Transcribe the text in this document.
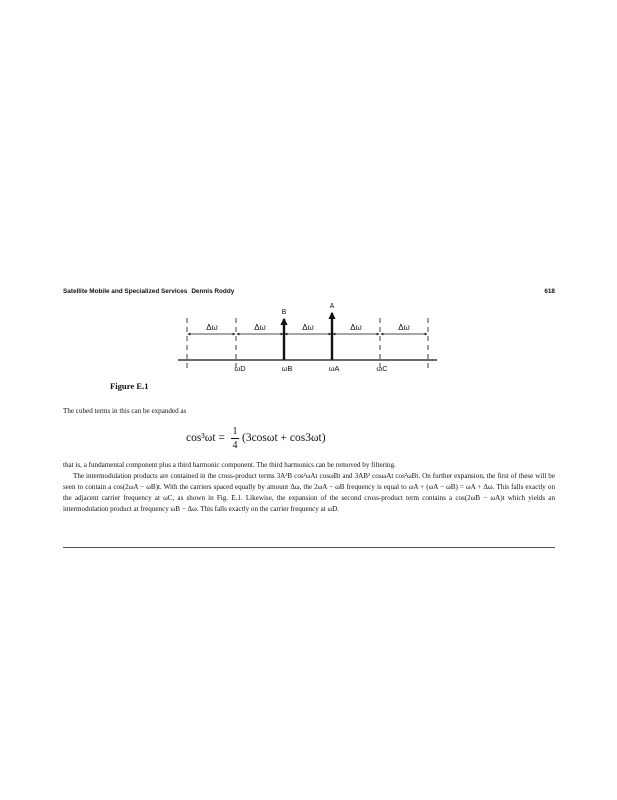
Satellite Mobile and Specialized Services Dennis Roddy	618
Δω	Δω	Δω	Δω	Δω
B
A
ωD	ωB	ωA	ωC
Figure E.1
The cubed terms in this can be expanded as
cos³ωt =
1
4
(3cosωt + cos3ωt)
that is, a fundamental component plus a third harmonic component. The third harmonics can be removed by filtering.
The intermodulation products are contained in the cross-product terms 3A²B cos²ωAt cosωBt and 3AB² cosωAt cos²ωBt. On further expansion, the first of these will be seen to contain a cos(2ωA − ωB)t. With the carriers spaced equally by amount Δω, the 2ωA − ωB frequency is equal to ωA + (ωA − ωB) = ωA + Δω. This falls exactly on the adjacent carrier frequency at ωC, as shown in Fig. E.1. Likewise, the expansion of the second cross-product term contains a cos(2ωB − ωA)t which yields an intermodulation product at frequency ωB − Δω. This falls exactly on the carrier frequency at ωD.
